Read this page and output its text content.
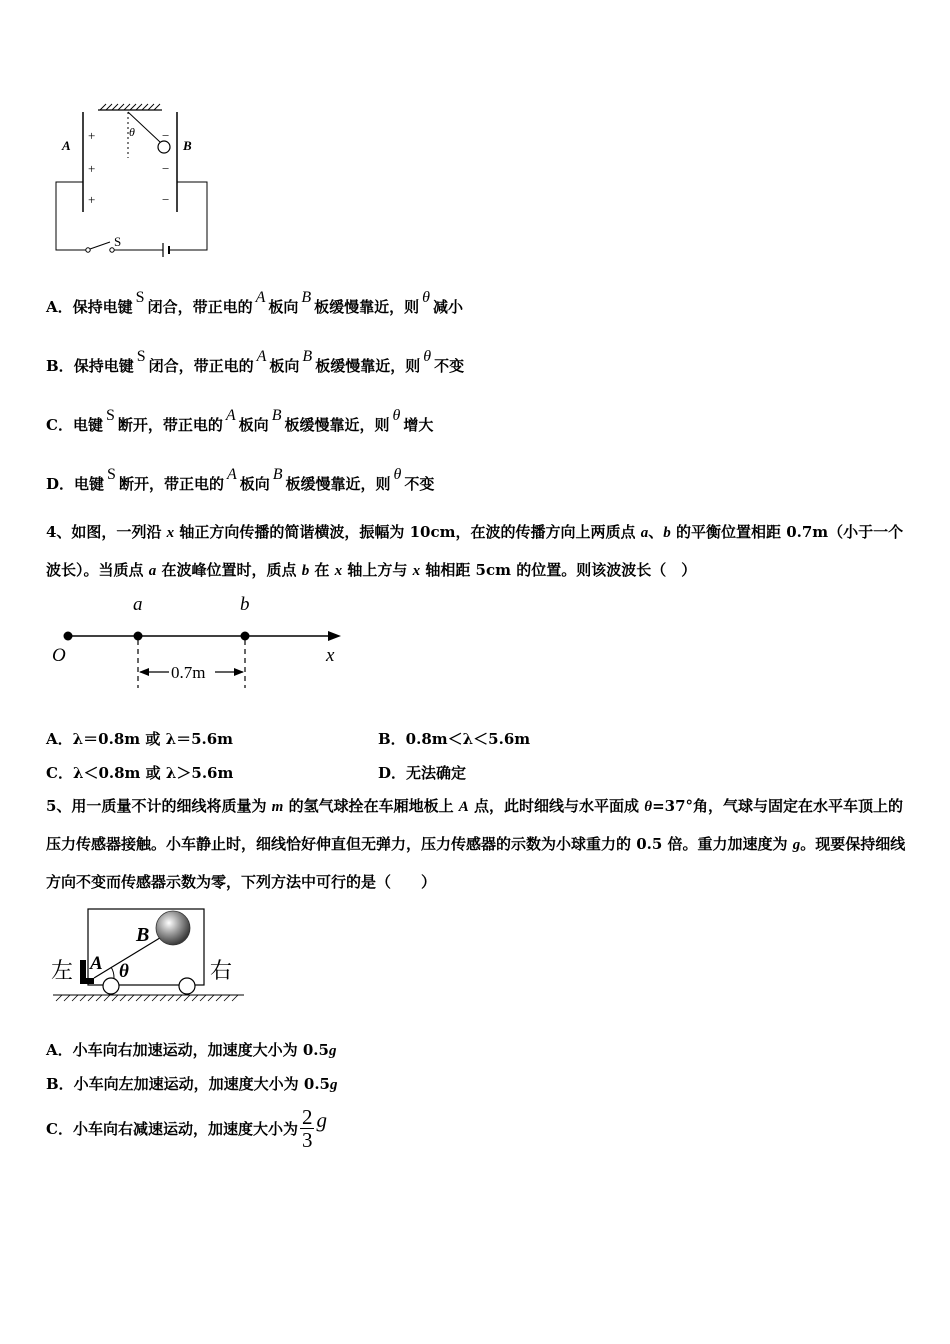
θ
+
+
+
−
−
−
A	B
S
A．保持电键S闭合，带正电的A板向B板缓慢靠近，则θ减小
B．保持电键S闭合，带正电的A板向B板缓慢靠近，则θ不变
C．电键S断开，带正电的A板向B板缓慢靠近，则θ增大
D．电键S断开，带正电的A板向B板缓慢靠近，则θ不变
4、如图，一列沿 x 轴正方向传播的简谐横波，振幅为 10cm，在波的传播方向上两质点 a、b 的平衡位置相距 0.7m（小于一个波长）。当质点 a 在波峰位置时，质点 b 在 x 轴上方与 x 轴相距 5cm 的位置。则该波波长（　）
a	b
O	x
0.7m
A．λ＝0.8m 或 λ＝5.6m	B．0.8m＜λ＜5.6m
C．λ＜0.8m 或 λ＞5.6m	D．无法确定
5、用一质量不计的细线将质量为 m 的氢气球拴在车厢地板上 A 点，此时细线与水平面成 θ=37°角，气球与固定在水平车顶上的压力传感器接触。小车静止时，细线恰好伸直但无弹力，压力传感器的示数为小球重力的 0.5 倍。重力加速度为 g。现要保持细线方向不变而传感器示数为零，下列方法中可行的是（　　）
B
A θ
左	右
A．小车向右加速运动，加速度大小为 0.5g
B．小车向左加速运动，加速度大小为 0.5g
C．小车向右减速运动，加速度大小为 $\frac{2}{3}$ g
